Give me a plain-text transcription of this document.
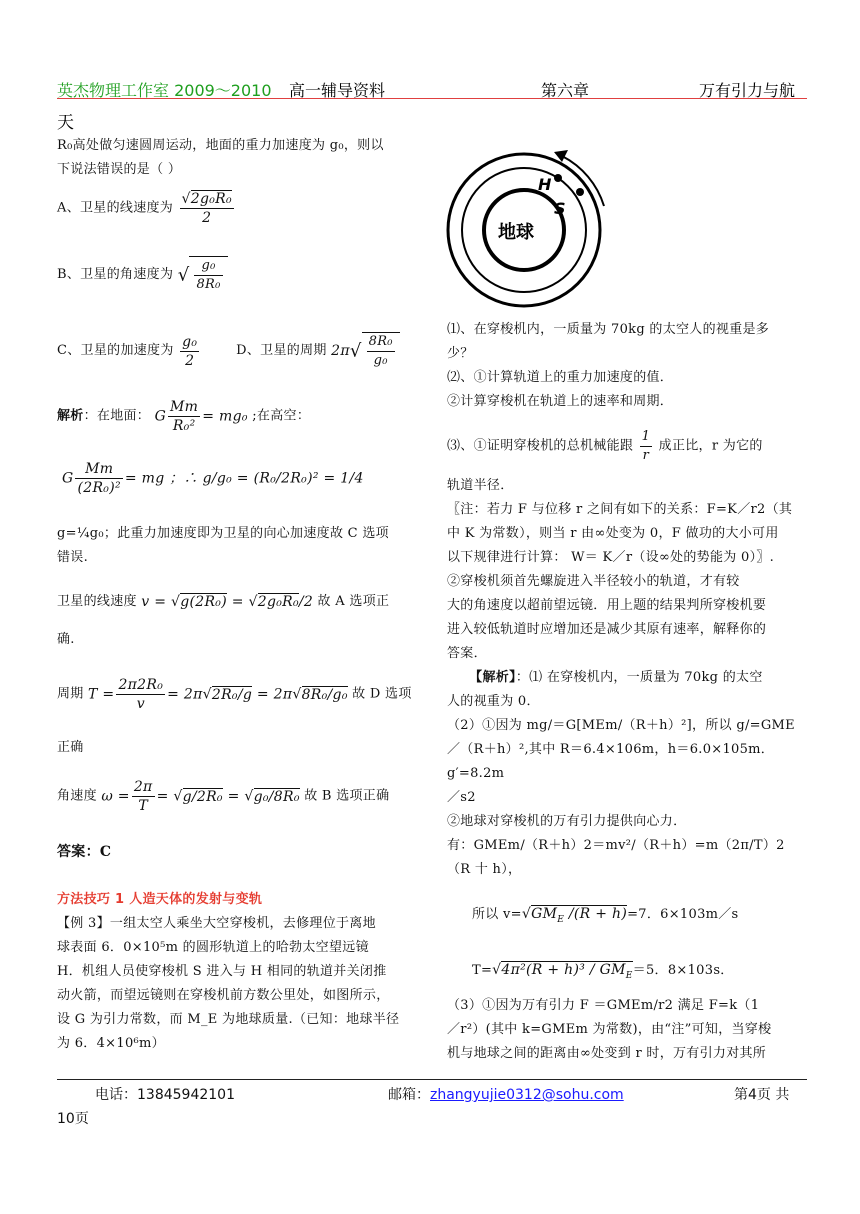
英杰物理工作室 2009～2010 高一辅导资料	第六章	万有引力与航
天

R₀高处做匀速圆周运动，地面的重力加速度为 g₀，则以

下说法错误的是（ ）

A、卫星的线速度为 $\frac{\text{√2g₀R₀}}{2}$
B、卫星的角速度为 √ $\frac{\text{g₀}}{\text{8R₀}}$
C、卫星的加速度为 $\frac{\text{g₀}}{2}$	D、卫星的周期 $2\pi√ \frac{\text{8R₀}}{\text{g₀}}$
解析：在地面： G $\frac{Mm}{\text{R₀²}} = mg_0$ ;在高空：
G $\frac{Mm}{\text{(2R₀)²}}$ = mg ；∴ g/g₀ = (R₀/2R₀)² = 1/4

g=¼g₀；此重力加速度即为卫星的向心加速度故 C 选项

错误.

卫星的线速度 v = √g(2R₀) = √2g₀R₀/2 故 A 选项正
确.
周期 $T = \frac{\text{2π2R₀}}{v} = 2\pi√2R_0/g = 2\pi√8R_0/g_0$ 故 D 选项
正确
角速度 $\omega = \frac{2\pi}{T} = √g/2R_0 = √g_0/8R_0$ 故 B 选项正确
答案：C
方法技巧 1 人造天体的发射与变轨

【例 3】一组太空人乘坐大空穿梭机，去修理位于离地

球表面 6．0×10⁵m 的圆形轨道上的哈勃太空望远镜

H．机组人员使穿梭机 S 进入与 H 相同的轨道并关闭推

动火箭，而望远镜则在穿梭机前方数公里处，如图所示，

设 G 为引力常数，而 M_E 为地球质量.（已知：地球半径

为 6．4×10⁶m）

H
S
地球

⑴、在穿梭机内，一质量为 70kg 的太空人的视重是多

少？

⑵、①计算轨道上的重力加速度的值．

②计算穿梭机在轨道上的速率和周期．

⑶、①证明穿梭机的总机械能跟 $\frac{1}{r}$ 成正比，r 为它的

轨道半径．

〖注：若力 F 与位移 r 之间有如下的关系：F=K／r2（其

中 K 为常数），则当 r 由∞处变为 0，F 做功的大小可用

以下规律进行计算： W＝ K／r（设∞处的势能为 0）〗.

②穿梭机须首先螺旋进入半径较小的轨道，才有较

大的角速度以超前望远镜．用上题的结果判所穿梭机要

进入较低轨道时应增加还是减少其原有速率，解释你的

答案．

【解析】：⑴ 在穿梭机内，一质量为 70kg 的太空

人的视重为 0．

（2）①因为 mg/＝G[MEm/（R＋h）²]，所以 g/=GME

／（R＋h）²,其中 R＝6.4×106m，h＝6.0×105m．g′=8.2m

／s2

②地球对穿梭机的万有引力提供向心力．

有：GMEm/（R＋h）2＝mv²/（R＋h）=m（2π/T）2

（R 十 h），

所以 $v=√GM_E$ /(R + h)=7．6×103m／s
$T=√4\pi^2(R + h)^3 / GM_E=5$．8×103s．

（3）①因为万有引力 F ＝GMEm/r2 满足 F=k（1

／r²）(其中 k=GMEm 为常数)，由“注”可知，当穿梭

机与地球之间的距离由∞处变到 r 时，万有引力对其所

电话：13845942101	邮箱：zhangyujie0312@sohu.com	第4页 共
10页
